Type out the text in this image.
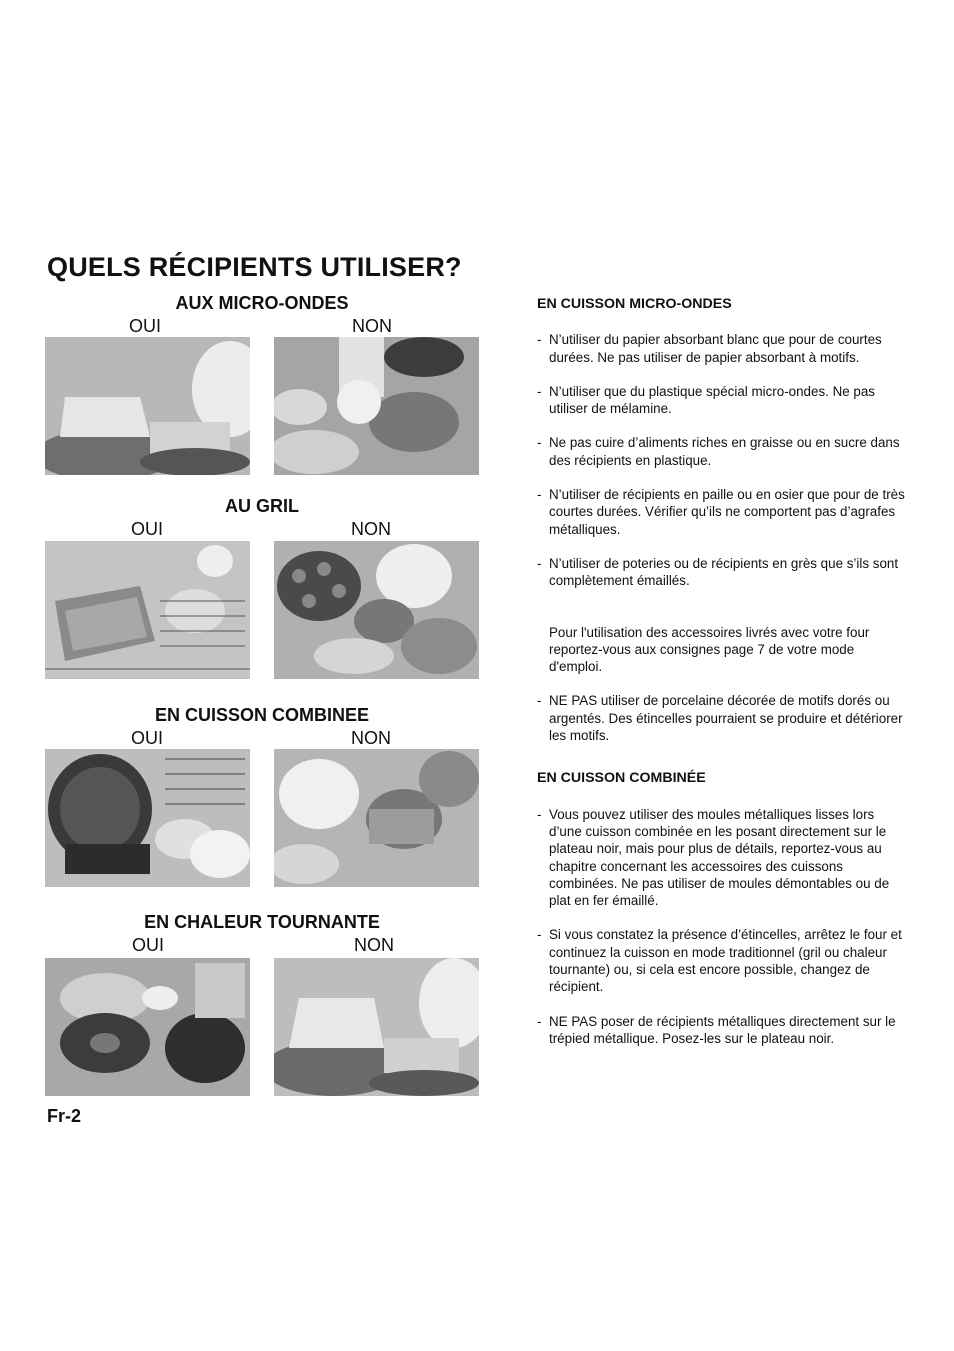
QUELS RÉCIPIENTS UTILISER?
AUX MICRO-ONDES
OUI	NON
AU GRIL
OUI	NON
EN CUISSON COMBINEE
OUI	NON
EN CHALEUR TOURNANTE
OUI	NON
Fr-2

EN CUISSON MICRO-ONDES

- N’utiliser du papier absorbant blanc que pour de courtes durées. Ne pas utiliser de papier absorbant à motifs.

- N’utiliser que du plastique spécial micro-ondes. Ne pas utiliser de mélamine.

- Ne pas cuire d’aliments riches en graisse ou en sucre dans des récipients en plastique.

- N’utiliser de récipients en paille ou en osier que pour de très courtes durées. Vérifier qu’ils ne comportent pas d’agrafes métalliques.

- N’utiliser de poteries ou de récipients en grès que s’ils sont complètement émaillés.

Pour l'utilisation des accessoires livrés avec votre four reportez-vous aux consignes page 7 de votre mode d'emploi.

- NE PAS utiliser de porcelaine décorée de motifs dorés ou argentés. Des étincelles pourraient se produire et détériorer les motifs.

EN CUISSON COMBINÉE

- Vous pouvez utiliser des moules métalliques lisses lors d’une cuisson combinée en les posant directement sur le plateau noir, mais pour plus de détails, reportez-vous au chapitre concernant les accessoires des cuissons combinées. Ne pas utiliser de moules démontables ou de plat en fer émaillé.

- Si vous constatez la présence d’étincelles, arrêtez le four et continuez la cuisson en mode traditionnel (gril ou chaleur tournante) ou, si cela est encore possible, changez de récipient.

- NE PAS poser de récipients métalliques directement sur le trépied métallique. Posez-les sur le plateau noir.
